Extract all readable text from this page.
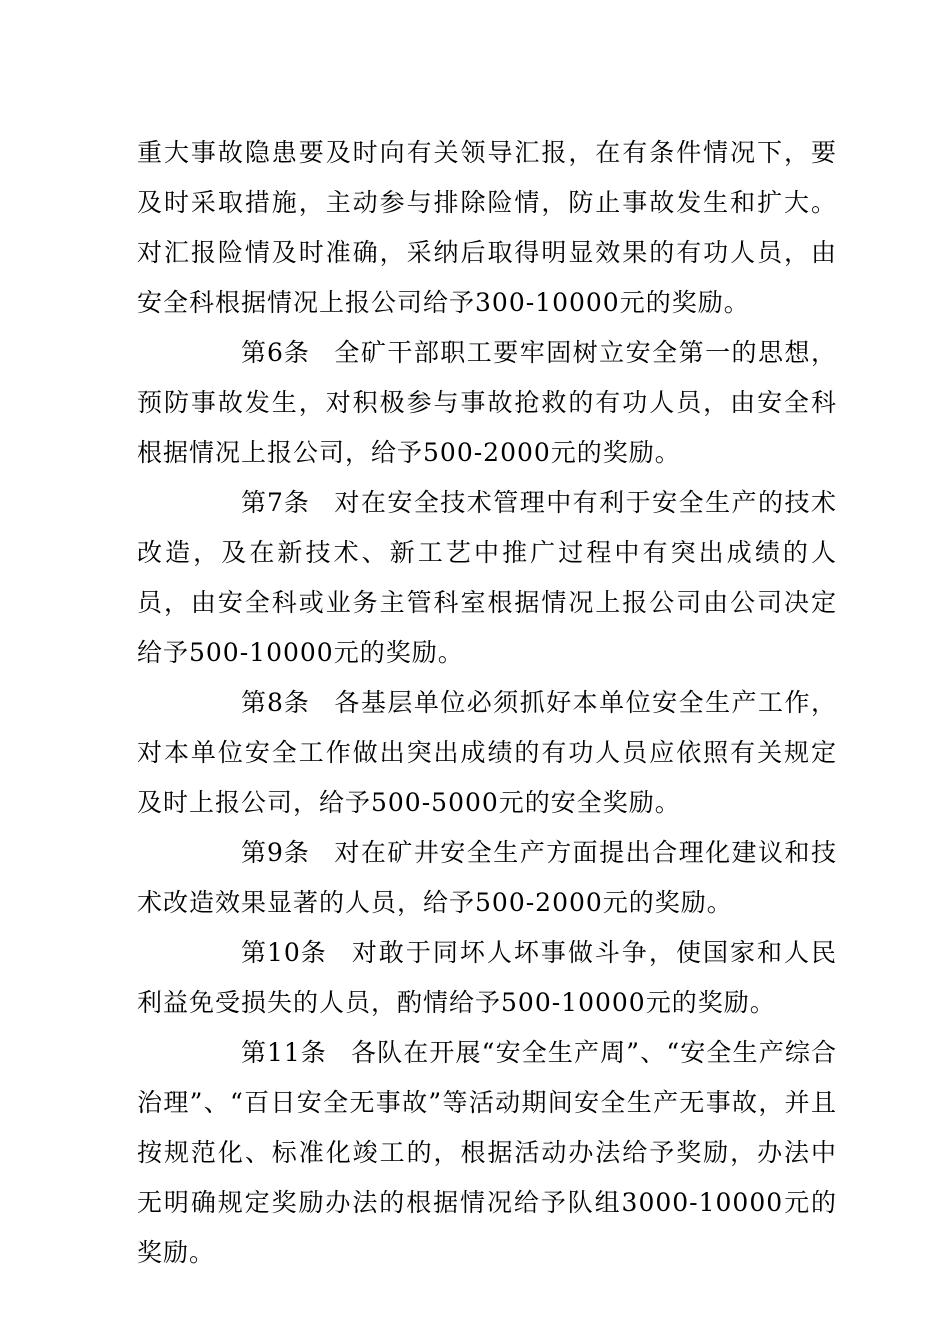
重大事故隐患要及时向有关领导汇报，在有条件情况下，要及时采取措施，主动参与排除险情，防止事故发生和扩大。对汇报险情及时准确，采纳后取得明显效果的有功人员，由安全科根据情况上报公司给予300-10000元的奖励。

第6条 全矿干部职工要牢固树立安全第一的思想，预防事故发生，对积极参与事故抢救的有功人员，由安全科根据情况上报公司，给予500-2000元的奖励。

第7条 对在安全技术管理中有利于安全生产的技术改造，及在新技术、新工艺中推广过程中有突出成绩的人员，由安全科或业务主管科室根据情况上报公司由公司决定给予500-10000元的奖励。

第8条 各基层单位必须抓好本单位安全生产工作，对本单位安全工作做出突出成绩的有功人员应依照有关规定及时上报公司，给予500-5000元的安全奖励。

第9条 对在矿井安全生产方面提出合理化建议和技术改造效果显著的人员，给予500-2000元的奖励。

第10条 对敢于同坏人坏事做斗争，使国家和人民利益免受损失的人员，酌情给予500-10000元的奖励。

第11条 各队在开展“安全生产周”、“安全生产综合治理”、“百日安全无事故”等活动期间安全生产无事故，并且按规范化、标准化竣工的，根据活动办法给予奖励，办法中无明确规定奖励办法的根据情况给予队组3000-10000元的奖励。
